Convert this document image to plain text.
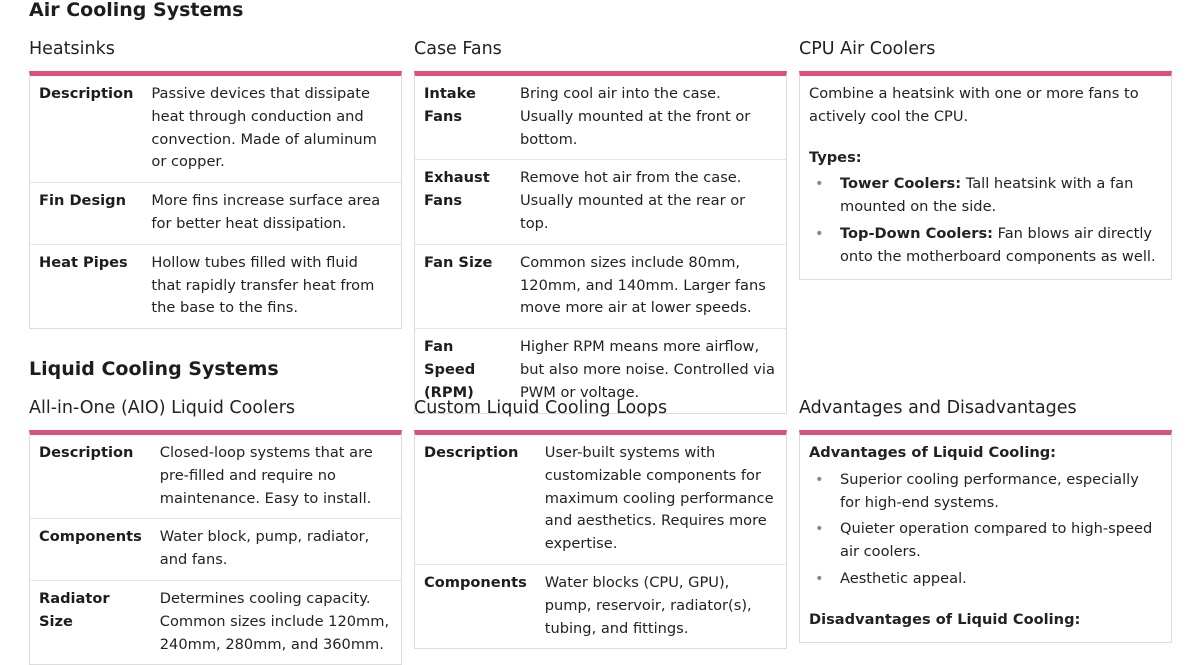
Air Cooling Systems
Heatsinks
Description	Passive devices that dissipate heat through conduction and convection. Made of aluminum or copper.
Fin Design	More fins increase surface area for better heat dissipation.
Heat Pipes	Hollow tubes filled with fluid that rapidly transfer heat from the base to the fins.
Case Fans
Intake Fans	Bring cool air into the case. Usually mounted at the front or bottom.
Exhaust Fans	Remove hot air from the case. Usually mounted at the rear or top.
Fan Size	Common sizes include 80mm, 120mm, and 140mm. Larger fans move more air at lower speeds.
Fan Speed (RPM)	Higher RPM means more airflow, but also more noise. Controlled via PWM or voltage.
CPU Air Coolers

Combine a heatsink with one or more fans to actively cool the CPU.

Types:

• Tower Coolers: Tall heatsink with a fan mounted on the side.
• Top-Down Coolers: Fan blows air directly onto the motherboard components as well.
Liquid Cooling Systems
All-in-One (AIO) Liquid Coolers
Description	Closed-loop systems that are pre-filled and require no maintenance. Easy to install.
Components	Water block, pump, radiator, and fans.
Radiator Size	Determines cooling capacity. Common sizes include 120mm, 240mm, 280mm, and 360mm.
Custom Liquid Cooling Loops
Description	User-built systems with customizable components for maximum cooling performance and aesthetics. Requires more expertise.
Components	Water blocks (CPU, GPU), pump, reservoir, radiator(s), tubing, and fittings.
Advantages and Disadvantages
Advantages of Liquid Cooling:
• Superior cooling performance, especially for high-end systems.
• Quieter operation compared to high-speed air coolers.
• Aesthetic appeal.
Disadvantages of Liquid Cooling:
